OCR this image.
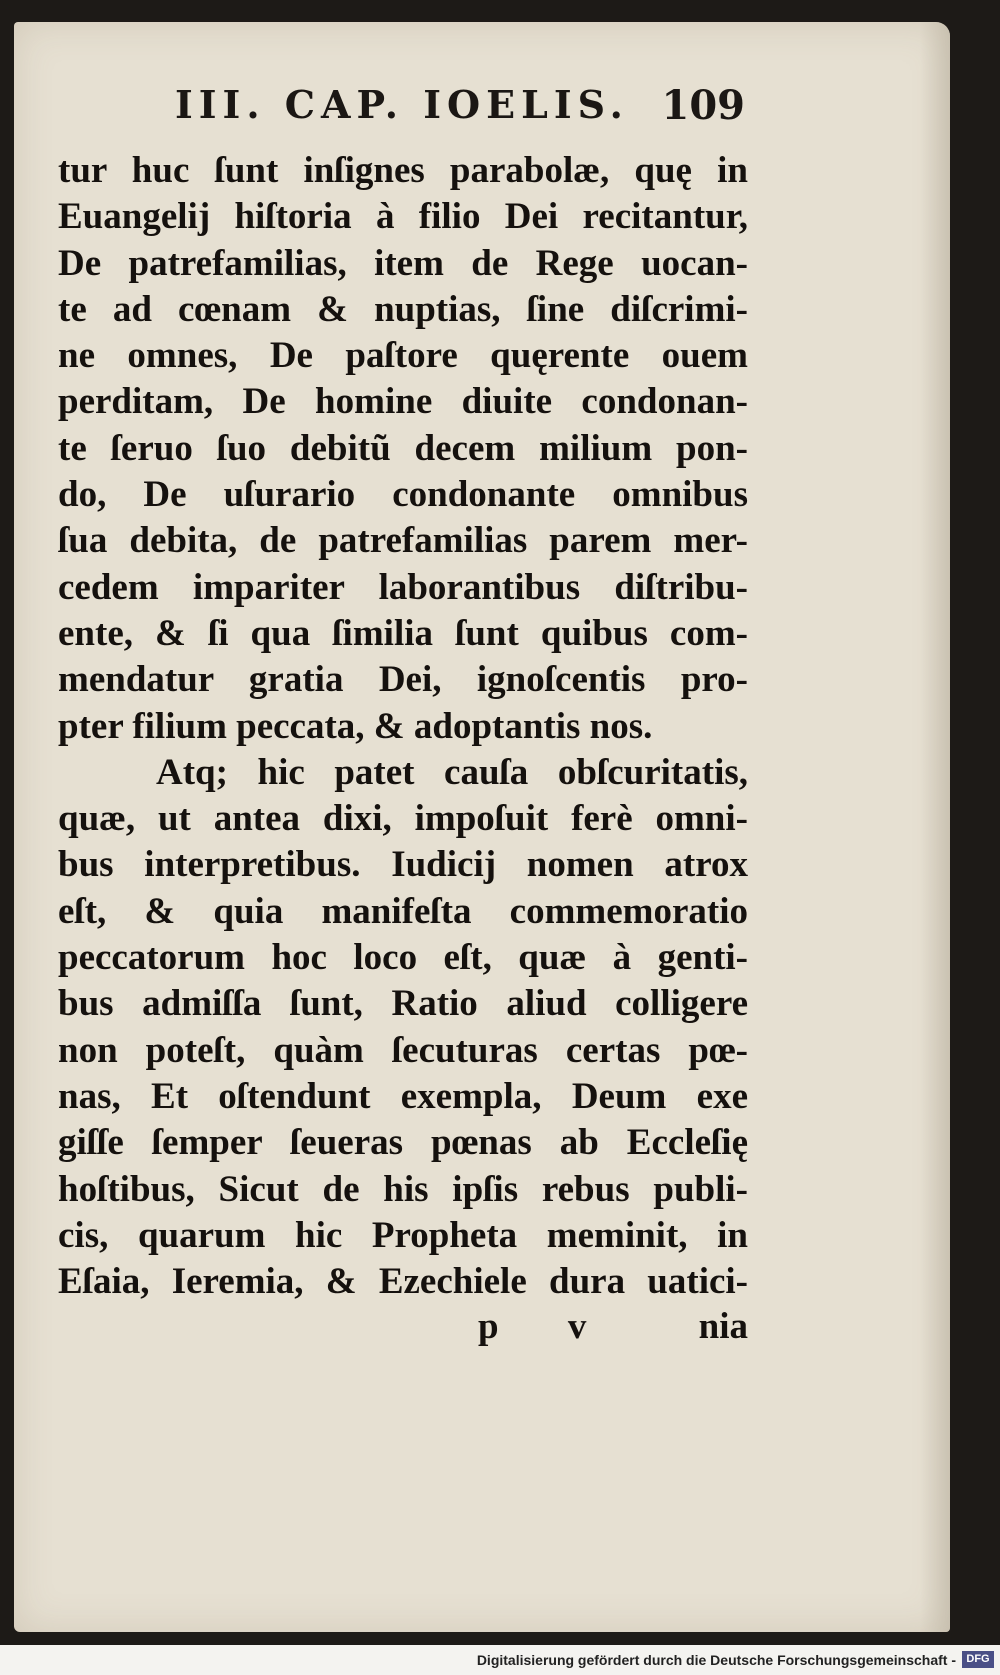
III. CAP. IOELIS. 109
tur huc ſunt inſignes parabolæ, quę in
Euangelij hiſtoria à filio Dei recitantur,
De patrefamilias, item de Rege uocan-
te ad cœnam & nuptias, ſine diſcrimi-
ne omnes, De paſtore quęrente ouem
perditam, De homine diuite condonan-
te ſeruo ſuo debitũ decem milium pon-
do, De uſurario condonante omnibus
ſua debita, de patrefamilias parem mer-
cedem impariter laborantibus diſtribu-
ente, & ſi qua ſimilia ſunt quibus com-
mendatur gratia Dei, ignoſcentis pro-
pter filium peccata, & adoptantis nos.
Atq; hic patet cauſa obſcuritatis,
quæ, ut antea dixi, impoſuit ferè omni-
bus interpretibus. Iudicij nomen atrox
eſt, & quia manifeſta commemoratio
peccatorum hoc loco eſt, quæ à genti-
bus admiſſa ſunt, Ratio aliud colligere
non poteſt, quàm ſecuturas certas pœ-
nas, Et oſtendunt exempla, Deum exe
giſſe ſemper ſeueras pœnas ab Eccleſię
hoſtibus, Sicut de his ipſis rebus publi-
cis, quarum hic Propheta meminit, in
Eſaia, Ieremia, & Ezechiele dura uatici-
p v nia
Digitalisierung gefördert durch die Deutsche Forschungsgemeinschaft - DFG
